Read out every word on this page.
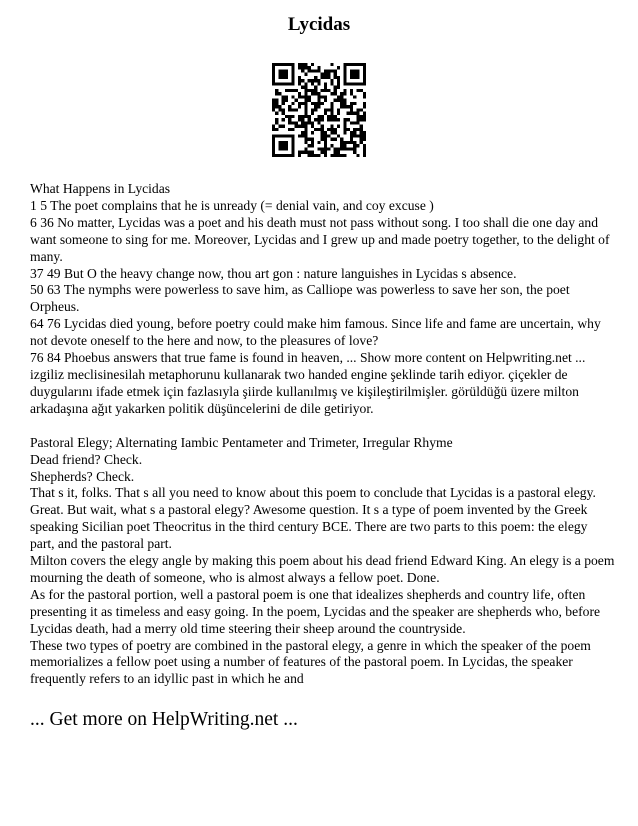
Lycidas

What Happens in Lycidas

1 5 The poet complains that he is unready (= denial vain, and coy excuse )

6 36 No matter, Lycidas was a poet and his death must not pass without song. I too shall die one day and want someone to sing for me. Moreover, Lycidas and I grew up and made poetry together, to the delight of many.

37 49 But O the heavy change now, thou art gon : nature languishes in Lycidas s absence.

50 63 The nymphs were powerless to save him, as Calliope was powerless to save her son, the poet Orpheus.

64 76 Lycidas died young, before poetry could make him famous. Since life and fame are uncertain, why not devote oneself to the here and now, to the pleasures of love?

76 84 Phoebus answers that true fame is found in heaven, ... Show more content on Helpwriting.net ... izgiliz meclisinesilah metaphorunu kullanarak two handed engine şeklinde tarih ediyor. çiçekler de duygularını ifade etmek için fazlasıyla şiirde kullanılmış ve kişileştirilmişler. görüldüğü üzere milton arkadaşına ağıt yakarken politik düşüncelerini de dile getiriyor.

Pastoral Elegy; Alternating Iambic Pentameter and Trimeter, Irregular Rhyme

Dead friend? Check.

Shepherds? Check.

That s it, folks. That s all you need to know about this poem to conclude that Lycidas is a pastoral elegy.

Great. But wait, what s a pastoral elegy? Awesome question. It s a type of poem invented by the Greek speaking Sicilian poet Theocritus in the third century BCE. There are two parts to this poem: the elegy part, and the pastoral part.

Milton covers the elegy angle by making this poem about his dead friend Edward King. An elegy is a poem mourning the death of someone, who is almost always a fellow poet. Done.

As for the pastoral portion, well a pastoral poem is one that idealizes shepherds and country life, often presenting it as timeless and easy going. In the poem, Lycidas and the speaker are shepherds who, before Lycidas death, had a merry old time steering their sheep around the countryside.

These two types of poetry are combined in the pastoral elegy, a genre in which the speaker of the poem memorializes a fellow poet using a number of features of the pastoral poem. In Lycidas, the speaker frequently refers to an idyllic past in which he and

... Get more on HelpWriting.net ...
